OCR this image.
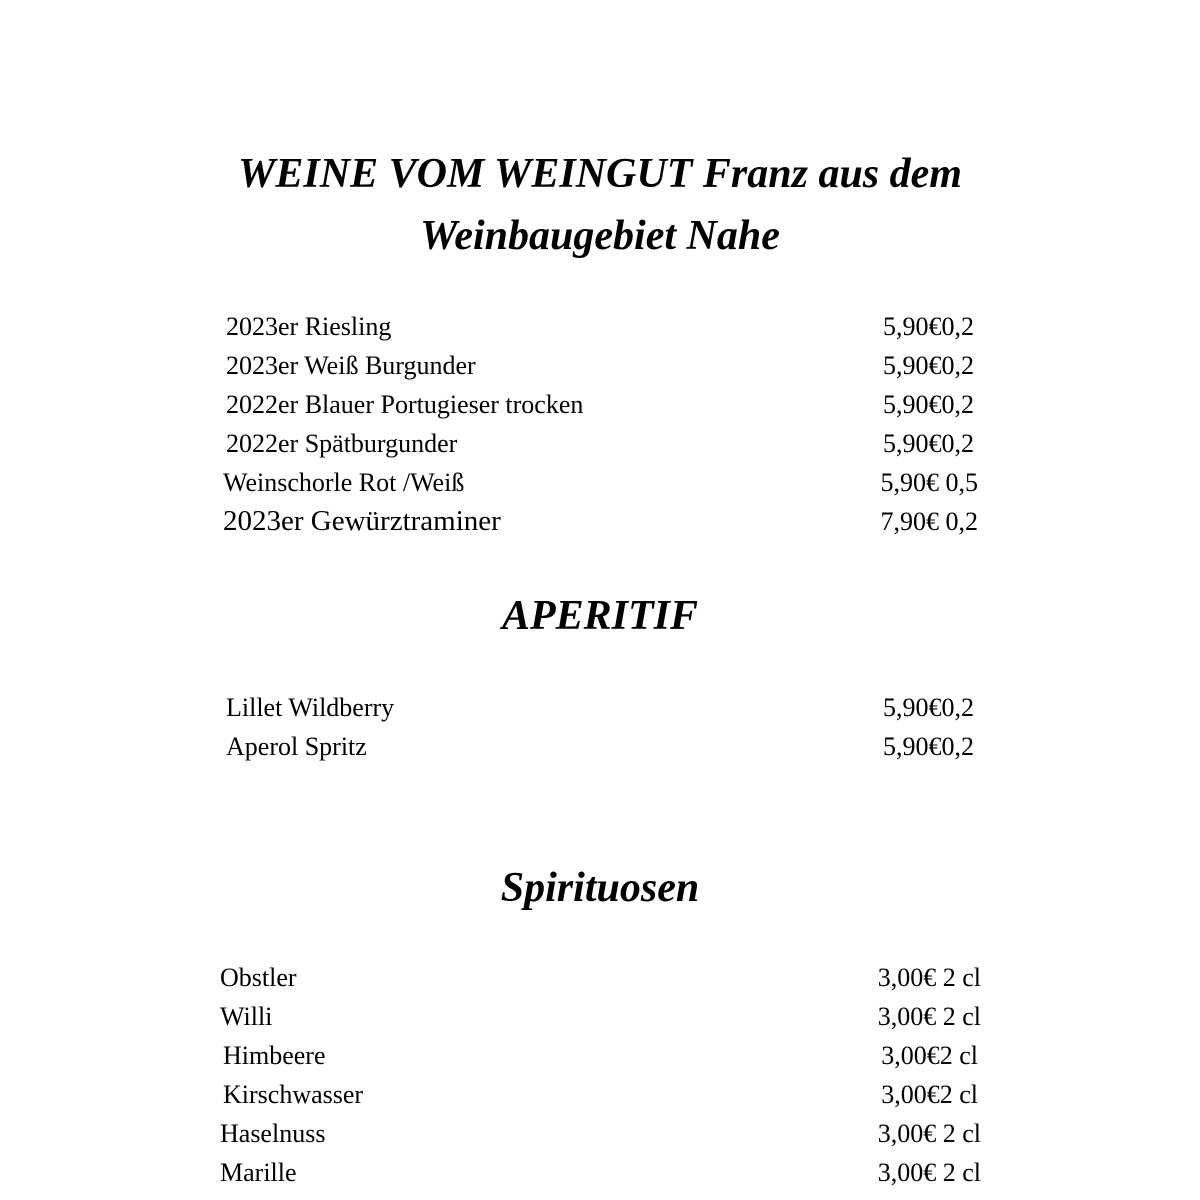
WEINE VOM WEINGUT Franz aus dem
Weinbaugebiet Nahe
2023er Riesling	5,90€0,2
2023er Weiß Burgunder	5,90€0,2
2022er Blauer Portugieser trocken	5,90€0,2
2022er Spätburgunder	5,90€0,2
Weinschorle Rot /Weiß	5,90€ 0,5
2023er Gewürztraminer	7,90€ 0,2
APERITIF
Lillet Wildberry	5,90€0,2
Aperol Spritz	5,90€0,2
Spirituosen
Obstler	3,00€ 2 cl
Willi	3,00€ 2 cl
Himbeere	3,00€2 cl
Kirschwasser	3,00€2 cl
Haselnuss	3,00€ 2 cl
Marille	3,00€ 2 cl
